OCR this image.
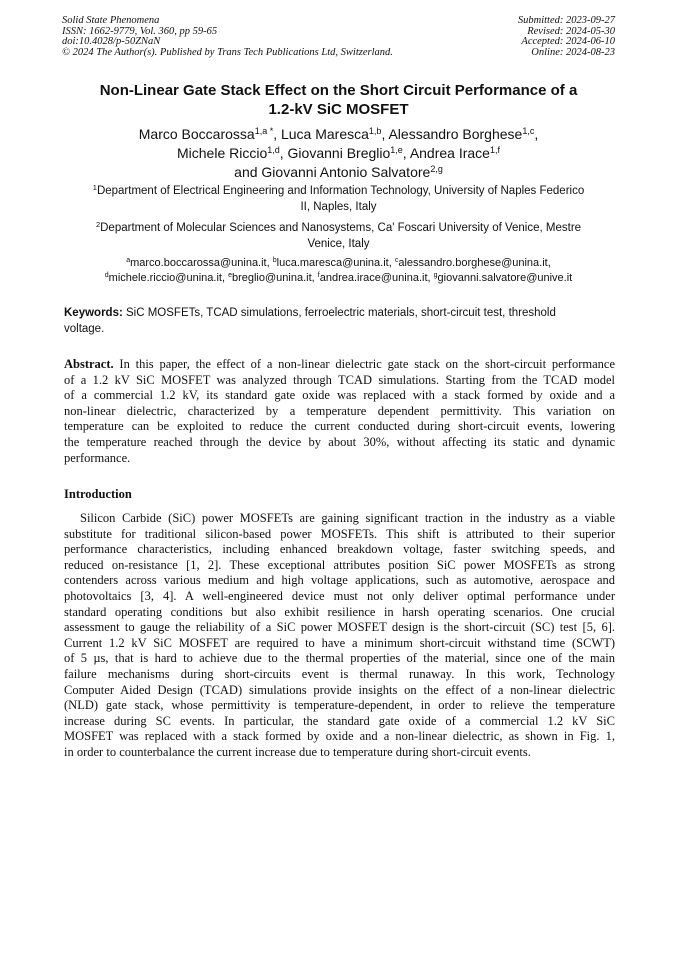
Solid State Phenomena
ISSN: 1662-9779, Vol. 360, pp 59-65
doi:10.4028/p-50ZNaN
© 2024 The Author(s). Published by Trans Tech Publications Ltd, Switzerland.
Submitted: 2023-09-27
Revised: 2024-05-30
Accepted: 2024-06-10
Online: 2024-08-23
Non-Linear Gate Stack Effect on the Short Circuit Performance of a
1.2-kV SiC MOSFET
Marco Boccarossa$^{1,a *}$, Luca Maresca$^{1,b}$, Alessandro Borghese$^{1,c}$,
Michele Riccio$^{1,d}$, Giovanni Breglio$^{1,e}$, Andrea Irace$^{1,f}$
and Giovanni Antonio Salvatore$^{2,g}$
$^1$Department of Electrical Engineering and Information Technology, University of Naples Federico
II, Naples, Italy
$^2$Department of Molecular Sciences and Nanosystems, Ca' Foscari University of Venice, Mestre
Venice, Italy
$^a$marco.boccarossa@unina.it, $^b$luca.maresca@unina.it, $^c$alessandro.borghese@unina.it,
$^d$michele.riccio@unina.it, $^e$breglio@unina.it, $^f$andrea.irace@unina.it, $^g$giovanni.salvatore@unive.it
Keywords: SiC MOSFETs, TCAD simulations, ferroelectric materials, short-circuit test, threshold
voltage.
Abstract. In this paper, the effect of a non-linear dielectric gate stack on the short-circuit performance
of a 1.2 kV SiC MOSFET was analyzed through TCAD simulations. Starting from the TCAD model
of a commercial 1.2 kV, its standard gate oxide was replaced with a stack formed by oxide and a
non-linear dielectric, characterized by a temperature dependent permittivity. This variation on
temperature can be exploited to reduce the current conducted during short-circuit events, lowering
the temperature reached through the device by about 30%, without affecting its static and dynamic
performance.
Introduction
Silicon Carbide (SiC) power MOSFETs are gaining significant traction in the industry as a viable
substitute for traditional silicon-based power MOSFETs. This shift is attributed to their superior
performance characteristics, including enhanced breakdown voltage, faster switching speeds, and
reduced on-resistance [1, 2]. These exceptional attributes position SiC power MOSFETs as strong
contenders across various medium and high voltage applications, such as automotive, aerospace and
photovoltaics [3, 4]. A well-engineered device must not only deliver optimal performance under
standard operating conditions but also exhibit resilience in harsh operating scenarios. One crucial
assessment to gauge the reliability of a SiC power MOSFET design is the short-circuit (SC) test [5, 6].
Current 1.2 kV SiC MOSFET are required to have a minimum short-circuit withstand time (SCWT)
of 5 µs, that is hard to achieve due to the thermal properties of the material, since one of the main
failure mechanisms during short-circuits event is thermal runaway. In this work, Technology
Computer Aided Design (TCAD) simulations provide insights on the effect of a non-linear dielectric
(NLD) gate stack, whose permittivity is temperature-dependent, in order to relieve the temperature
increase during SC events. In particular, the standard gate oxide of a commercial 1.2 kV SiC
MOSFET was replaced with a stack formed by oxide and a non-linear dielectric, as shown in Fig. 1,
in order to counterbalance the current increase due to temperature during short-circuit events.
